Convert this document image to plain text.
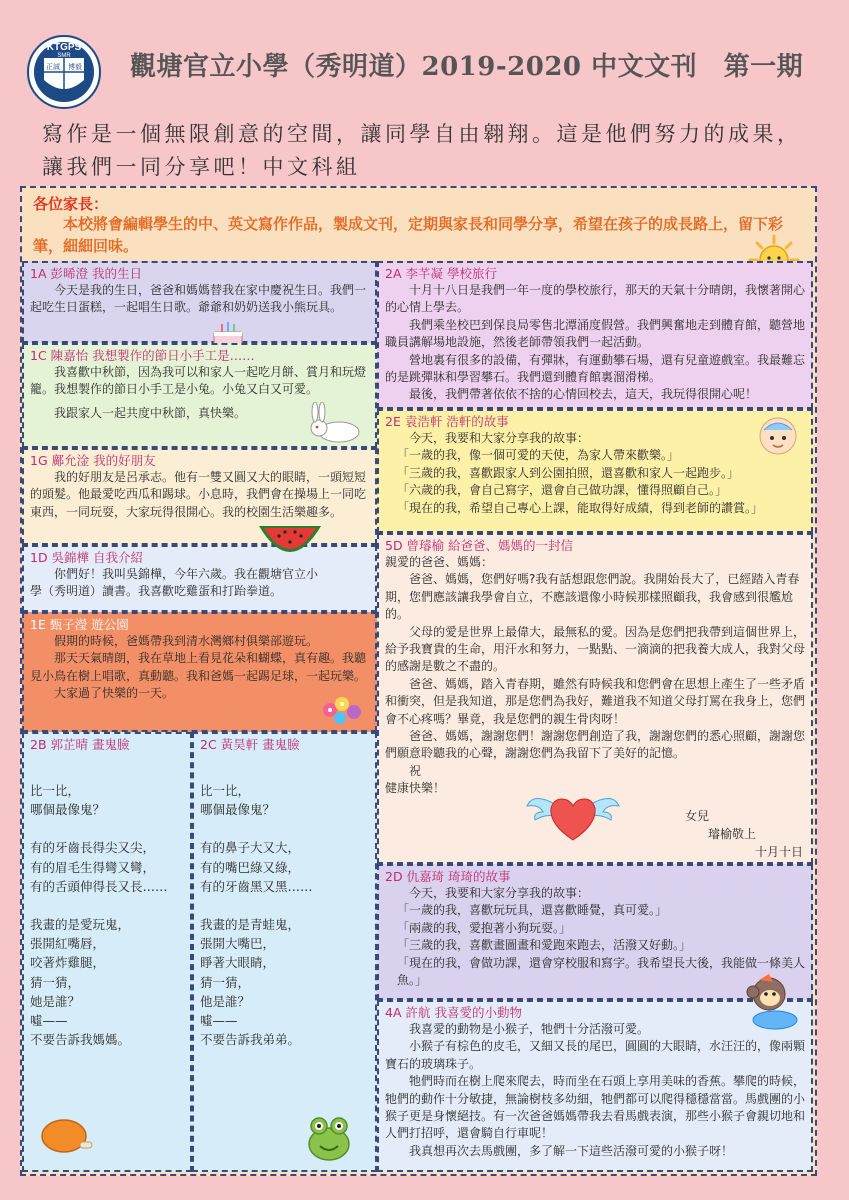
KTGPS
SMR
正誠 博毅 觀塘官立小學（秀明道）2019-2020 中文文刊　第一期
寫作是一個無限創意的空間，讓同學自由翱翔。這是他們努力的成果，讓我們一同分享吧！中文科組
各位家長：
本校將會編輯學生的中、英文寫作作品，製成文刊，定期與家長和同學分享，希望在孩子的成長路上，留下彩筆，細細回味。
1A 彭晞澄 我的生日

今天是我的生日，爸爸和媽媽替我在家中慶祝生日。我們一起吃生日蛋糕，一起唱生日歌。爺爺和奶奶送我小熊玩具。

1C 陳嘉怡 我想製作的節日小手工是……

我喜歡中秋節，因為我可以和家人一起吃月餅、賞月和玩燈籠。我想製作的節日小手工是小兔。小兔又白又可愛。

我跟家人一起共度中秋節，真快樂。

1G 鄺允淦 我的好朋友

我的好朋友是呂承志。他有一雙又圓又大的眼睛，一頭短短的頭髮。他最愛吃西瓜和踢球。小息時，我們會在操場上一同吃東西，一同玩耍，大家玩得很開心。我的校園生活樂趣多。

1D 吳錦樺 自我介紹

你們好！我叫吳錦樺，今年六歲。我在觀塘官立小學（秀明道）讀書。我喜歡吃雞蛋和打跆拳道。

1E 甄子瀅 遊公園

假期的時候，爸媽帶我到清水灣鄉村俱樂部遊玩。

那天天氣晴朗，我在草地上看見花朵和蝴蝶，真有趣。我聽見小鳥在樹上唱歌，真動聽。我和爸媽一起踢足球，一起玩樂。

大家過了快樂的一天。

2B 郭芷晴 畫鬼臉

比一比，

哪個最像鬼？

有的牙齒長得尖又尖，

有的眉毛生得彎又彎，

有的舌頭伸得長又長……

我畫的是愛玩鬼，

張開紅嘴唇，

咬著炸雞腿，

猜一猜，

她是誰？

噓——

不要告訴我媽媽。

2C 黃昊軒 畫鬼臉

比一比，

哪個最像鬼？

有的鼻子大又大，

有的嘴巴綠又綠，

有的牙齒黑又黑……

我畫的是青蛙鬼，

張開大嘴巴，

睜著大眼睛，

猜一猜，

他是誰？

噓——

不要告訴我弟弟。

2A 李芊凝 學校旅行

十月十八日是我們一年一度的學校旅行，那天的天氣十分晴朗，我懷著開心的心情上學去。

我們乘坐校巴到保良局零售北潭涌度假營。我們興奮地走到體育館，聽營地職員講解場地設施，然後老師帶領我們一起活動。

營地裏有很多的設備，有彈牀，有運動攀石場，還有兒童遊戲室。我最難忘的是跳彈牀和學習攀石。我們還到體育館裏溜滑梯。

最後，我們帶著依依不捨的心情回校去，這天，我玩得很開心呢！

2E 袁浩軒 浩軒的故事

今天，我要和大家分享我的故事：

「一歲的我，像一個可愛的天使，為家人帶來歡樂。」

「三歲的我，喜歡跟家人到公園拍照，還喜歡和家人一起跑步。」

「六歲的我，會自己寫字，還會自己做功課，懂得照顧自己。」

「現在的我，希望自己專心上課，能取得好成績，得到老師的讚賞。」

5D 曾璿榆 給爸爸、媽媽的一封信

親愛的爸爸、媽媽：

爸爸、媽媽，您們好嗎?我有話想跟您們說。我開始長大了，已經踏入青春期，您們應該讓我學會自立，不應該還像小時候那樣照顧我，我會感到很尷尬的。

父母的愛是世界上最偉大，最無私的愛。因為是您們把我帶到這個世界上，給予我寶貴的生命，用汗水和努力，一點點、一滴滴的把我養大成人，我對父母的感謝是數之不盡的。

爸爸、媽媽，踏入青春期，雖然有時候我和您們會在思想上產生了一些矛盾和衝突，但是我知道，那是您們為我好，難道我不知道父母打罵在我身上，您們會不心疼嗎？畢竟，我是您們的親生骨肉呀！

爸爸、媽媽，謝謝您們！謝謝您們創造了我，謝謝您們的悉心照顧，謝謝您們願意聆聽我的心聲，謝謝您們為我留下了美好的記憶。

祝

健康快樂！

女兒
璿榆敬上
十月十日
2D 仇嘉琦 琦琦的故事

今天，我要和大家分享我的故事：

「一歲的我，喜歡玩玩具，還喜歡睡覺，真可愛。」

「兩歲的我，愛抱著小狗玩耍。」

「三歲的我，喜歡畫圖畫和愛跑來跑去，活潑又好動。」

「現在的我，會做功課，還會穿校服和寫字。我希望長大後，我能做一條美人魚。」

4A 許航 我喜愛的小動物

我喜愛的動物是小猴子，牠們十分活潑可愛。

小猴子有棕色的皮毛，又細又長的尾巴，圓圓的大眼睛，水汪汪的，像兩顆寶石的玻璃珠子。

牠們時而在樹上爬來爬去，時而坐在石頭上享用美味的香蕉。攀爬的時候，牠們的動作十分敏捷，無論樹枝多幼細，牠們都可以爬得穩穩當當。馬戲團的小猴子更是身懷絕技。有一次爸爸媽媽帶我去看馬戲表演，那些小猴子會親切地和人們打招呼，還會騎自行車呢！

我真想再次去馬戲團，多了解一下這些活潑可愛的小猴子呀！
